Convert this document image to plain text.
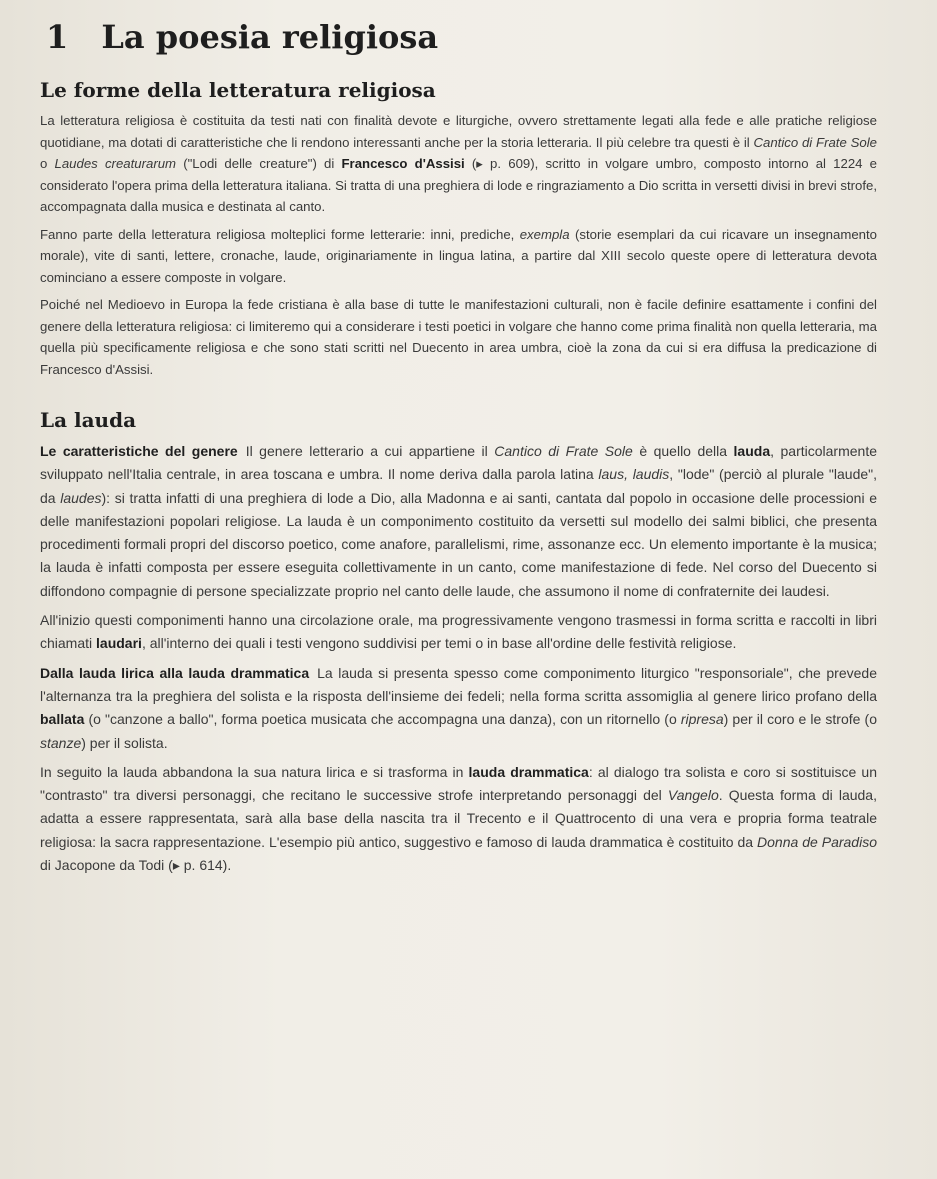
1 La poesia religiosa
Le forme della letteratura religiosa

La letteratura religiosa è costituita da testi nati con finalità devote e liturgiche, ovvero strettamente legati alla fede e alle pratiche religiose quotidiane, ma dotati di caratteristiche che li rendono interessanti anche per la storia letteraria. Il più celebre tra questi è il Cantico di Frate Sole o Laudes creaturarum ("Lodi delle creature") di Francesco d'Assisi (▸ p. 609), scritto in volgare umbro, composto intorno al 1224 e considerato l'opera prima della letteratura italiana. Si tratta di una preghiera di lode e ringraziamento a Dio scritta in versetti divisi in brevi strofe, accompagnata dalla musica e destinata al canto.

Fanno parte della letteratura religiosa molteplici forme letterarie: inni, prediche, exempla (storie esemplari da cui ricavare un insegnamento morale), vite di santi, lettere, cronache, laude, originariamente in lingua latina, a partire dal XIII secolo queste opere di letteratura devota cominciano a essere composte in volgare.

Poiché nel Medioevo in Europa la fede cristiana è alla base di tutte le manifestazioni culturali, non è facile definire esattamente i confini del genere della letteratura religiosa: ci limiteremo qui a considerare i testi poetici in volgare che hanno come prima finalità non quella letteraria, ma quella più specificamente religiosa e che sono stati scritti nel Duecento in area umbra, cioè la zona da cui si era diffusa la predicazione di Francesco d'Assisi.

La lauda

Le caratteristiche del genere Il genere letterario a cui appartiene il Cantico di Frate Sole è quello della lauda, particolarmente sviluppato nell'Italia centrale, in area toscana e umbra. Il nome deriva dalla parola latina laus, laudis, "lode" (perciò al plurale "laude", da laudes): si tratta infatti di una preghiera di lode a Dio, alla Madonna e ai santi, cantata dal popolo in occasione delle processioni e delle manifestazioni popolari religiose. La lauda è un componimento costituito da versetti sul modello dei salmi biblici, che presenta procedimenti formali propri del discorso poetico, come anafore, parallelismi, rime, assonanze ecc. Un elemento importante è la musica; la lauda è infatti composta per essere eseguita collettivamente in un canto, come manifestazione di fede. Nel corso del Duecento si diffondono compagnie di persone specializzate proprio nel canto delle laude, che assumono il nome di confraternite dei laudesi.

All'inizio questi componimenti hanno una circolazione orale, ma progressivamente vengono trasmessi in forma scritta e raccolti in libri chiamati laudari, all'interno dei quali i testi vengono suddivisi per temi o in base all'ordine delle festività religiose.

Dalla lauda lirica alla lauda drammatica La lauda si presenta spesso come componimento liturgico "responsoriale", che prevede l'alternanza tra la preghiera del solista e la risposta dell'insieme dei fedeli; nella forma scritta assomiglia al genere lirico profano della ballata (o "canzone a ballo", forma poetica musicata che accompagna una danza), con un ritornello (o ripresa) per il coro e le strofe (o stanze) per il solista.

In seguito la lauda abbandona la sua natura lirica e si trasforma in lauda drammatica: al dialogo tra solista e coro si sostituisce un "contrasto" tra diversi personaggi, che recitano le successive strofe interpretando personaggi del Vangelo. Questa forma di lauda, adatta a essere rappresentata, sarà alla base della nascita tra il Trecento e il Quattrocento di una vera e propria forma teatrale religiosa: la sacra rappresentazione. L'esempio più antico, suggestivo e famoso di lauda drammatica è costituito da Donna de Paradiso di Jacopone da Todi (▸ p. 614).
